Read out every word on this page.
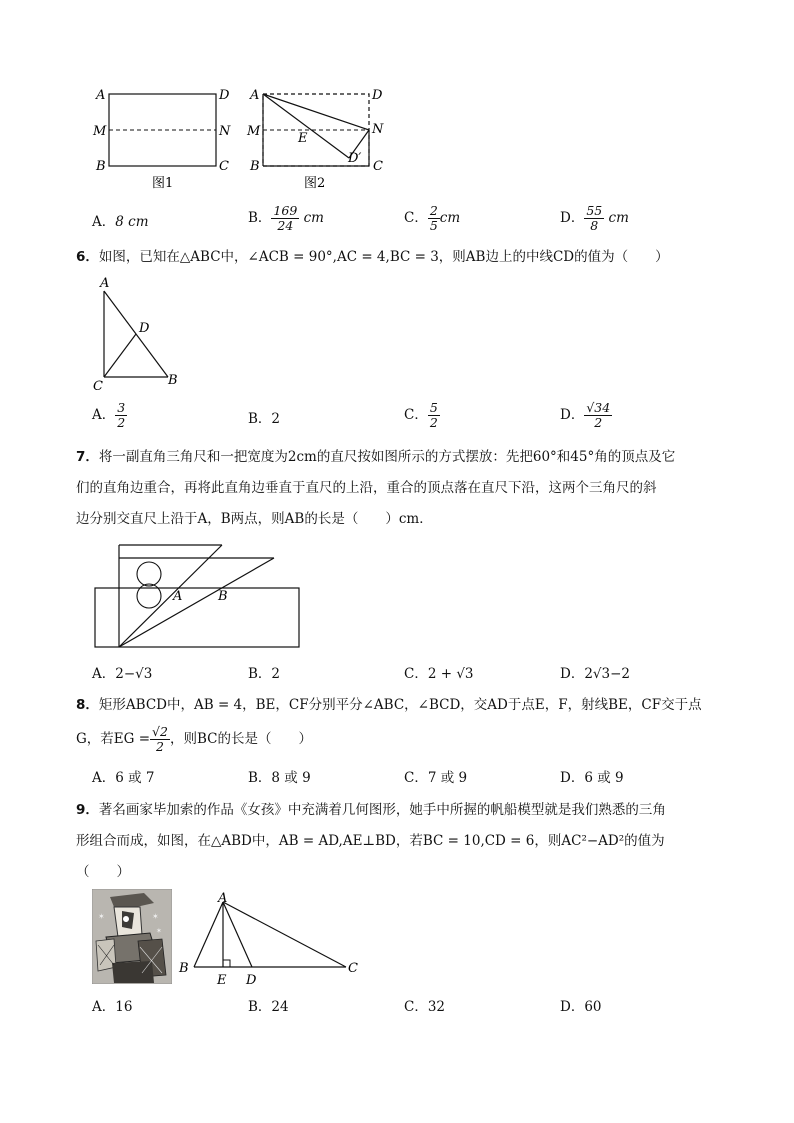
A	D
M	N
B	C
图1
A	D
M	N
E
D′
B	C
图2
A．8 cm	B． $\frac{169}{24}$ cm	C． $\frac{2}{5}$ cm	D． $\frac{55}{8}$ cm
6．如图，已知在△ABC中，∠ACB = 90°,AC = 4,BC = 3，则AB边上的中线CD的值为（　　）
A
D
C	B
A． $\frac{3}{2}$	B．2	C． $\frac{5}{2}$	D． $\frac{√34}{2}$
7．将一副直角三角尺和一把宽度为2cm的直尺按如图所示的方式摆放：先把60°和45°角的顶点及它
们的直角边重合，再将此直角边垂直于直尺的上沿，重合的顶点落在直尺下沿，这两个三角尺的斜
边分别交直尺上沿于A，B两点，则AB的长是（　　）cm．
A	B
A．2−√3	B．2	C．2 + √3	D．2√3−2
8．矩形ABCD中，AB = 4，BE，CF分别平分∠ABC，∠BCD，交AD于点E，F，射线BE，CF交于点
G，若EG = $\frac{√2}{2}$ ，则BC的长是（　　）
A．6 或 7	B．8 或 9	C．7 或 9	D．6 或 9
9．著名画家毕加索的作品《女孩》中充满着几何图形，她手中所握的帆船模型就是我们熟悉的三角
形组合而成，如图，在△ABD中，AB = AD,AE⊥BD，若BC = 10,CD = 6，则AC²−AD²的值为
（　　）
✶
✶
✶
A
B
E D
C
A．16	B．24	C．32	D．60
